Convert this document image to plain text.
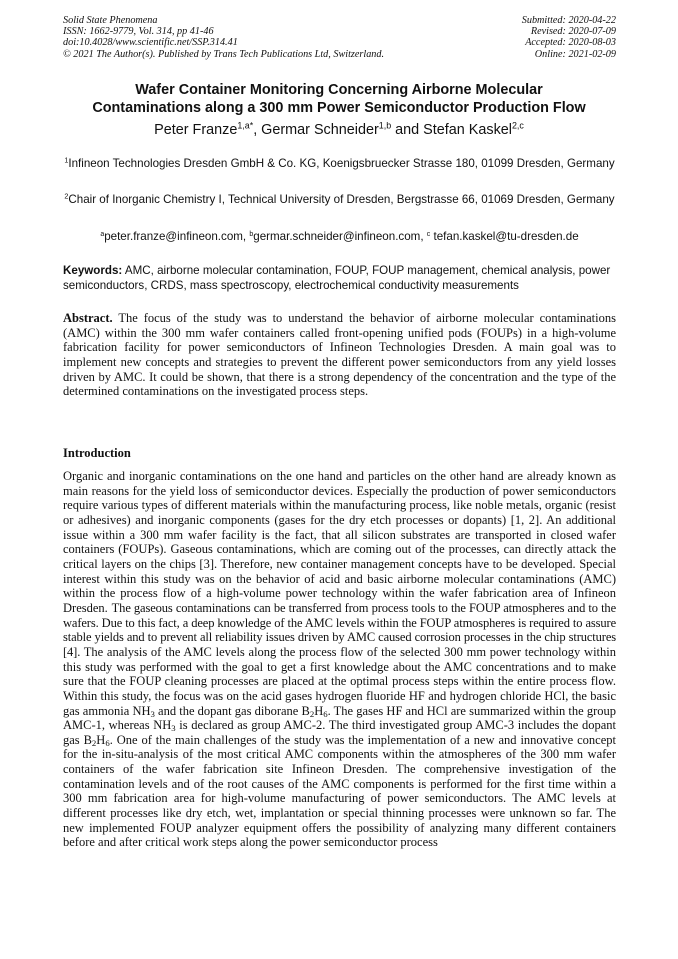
Solid State Phenomena
ISSN: 1662-9779, Vol. 314, pp 41-46
doi:10.4028/www.scientific.net/SSP.314.41
© 2021 The Author(s). Published by Trans Tech Publications Ltd, Switzerland.
Submitted: 2020-04-22
Revised: 2020-07-09
Accepted: 2020-08-03
Online: 2021-02-09
Wafer Container Monitoring Concerning Airborne Molecular
Contaminations along a 300 mm Power Semiconductor Production Flow
Peter Franze$^{1,a*}$, Germar Schneider$^{1,b}$ and Stefan Kaskel$^{2,c}$
$^1$Infineon Technologies Dresden GmbH & Co. KG, Koenigsbruecker Strasse 180, 01099 Dresden, Germany
$^2$Chair of Inorganic Chemistry I, Technical University of Dresden, Bergstrasse 66, 01069 Dresden, Germany
$^a$peter.franze@infineon.com, $^b$germar.schneider@infineon.com, $^c$ tefan.kaskel@tu-dresden.de
Keywords: AMC, airborne molecular contamination, FOUP, FOUP management, chemical analysis, power semiconductors, CRDS, mass spectroscopy, electrochemical conductivity measurements
Abstract. The focus of the study was to understand the behavior of airborne molecular contaminations (AMC) within the 300 mm wafer containers called front-opening unified pods (FOUPs) in a high-volume fabrication facility for power semiconductors of Infineon Technologies Dresden. A main goal was to implement new concepts and strategies to prevent the different power semiconductors from any yield losses driven by AMC. It could be shown, that there is a strong dependency of the concentration and the type of the determined contaminations on the investigated process steps.
Introduction
Organic and inorganic contaminations on the one hand and particles on the other hand are already known as main reasons for the yield loss of semiconductor devices. Especially the production of power semiconductors require various types of different materials within the manufacturing process, like noble metals, organic (resist or adhesives) and inorganic components (gases for the dry etch processes or dopants) [1, 2]. An additional issue within a 300 mm wafer facility is the fact, that all silicon substrates are transported in closed wafer containers (FOUPs). Gaseous contaminations, which are coming out of the processes, can directly attack the critical layers on the chips [3]. Therefore, new container management concepts have to be developed. Special interest within this study was on the behavior of acid and basic airborne molecular contaminations (AMC) within the process flow of a high-volume power technology within the wafer fabrication area of Infineon Dresden. The gaseous contaminations can be transferred from process tools to the FOUP atmospheres and to the wafers. Due to this fact, a deep knowledge of the AMC levels within the FOUP atmospheres is required to assure stable yields and to prevent all reliability issues driven by AMC caused corrosion processes in the chip structures [4]. The analysis of the AMC levels along the process flow of the selected 300 mm power technology within this study was performed with the goal to get a first knowledge about the AMC concentrations and to make sure that the FOUP cleaning processes are placed at the optimal process steps within the entire process flow. Within this study, the focus was on the acid gases hydrogen fluoride HF and hydrogen chloride HCl, the basic gas ammonia $NH_3$ and the dopant gas diborane $B_2H_6$. The gases HF and HCl are summarized within the group AMC-1, whereas $NH_3$ is declared as group AMC-2. The third investigated group AMC-3 includes the dopant gas $B_2H_6$. One of the main challenges of the study was the implementation of a new and innovative concept for the in-situ-analysis of the most critical AMC components within the atmospheres of the 300 mm wafer containers of the wafer fabrication site Infineon Dresden. The comprehensive investigation of the contamination levels and of the root causes of the AMC components is performed for the first time within a 300 mm fabrication area for high-volume manufacturing of power semiconductors. The AMC levels at different processes like dry etch, wet, implantation or special thinning processes were unknown so far. The new implemented FOUP analyzer equipment offers the possibility of analyzing many different containers before and after critical work steps along the power semiconductor process
